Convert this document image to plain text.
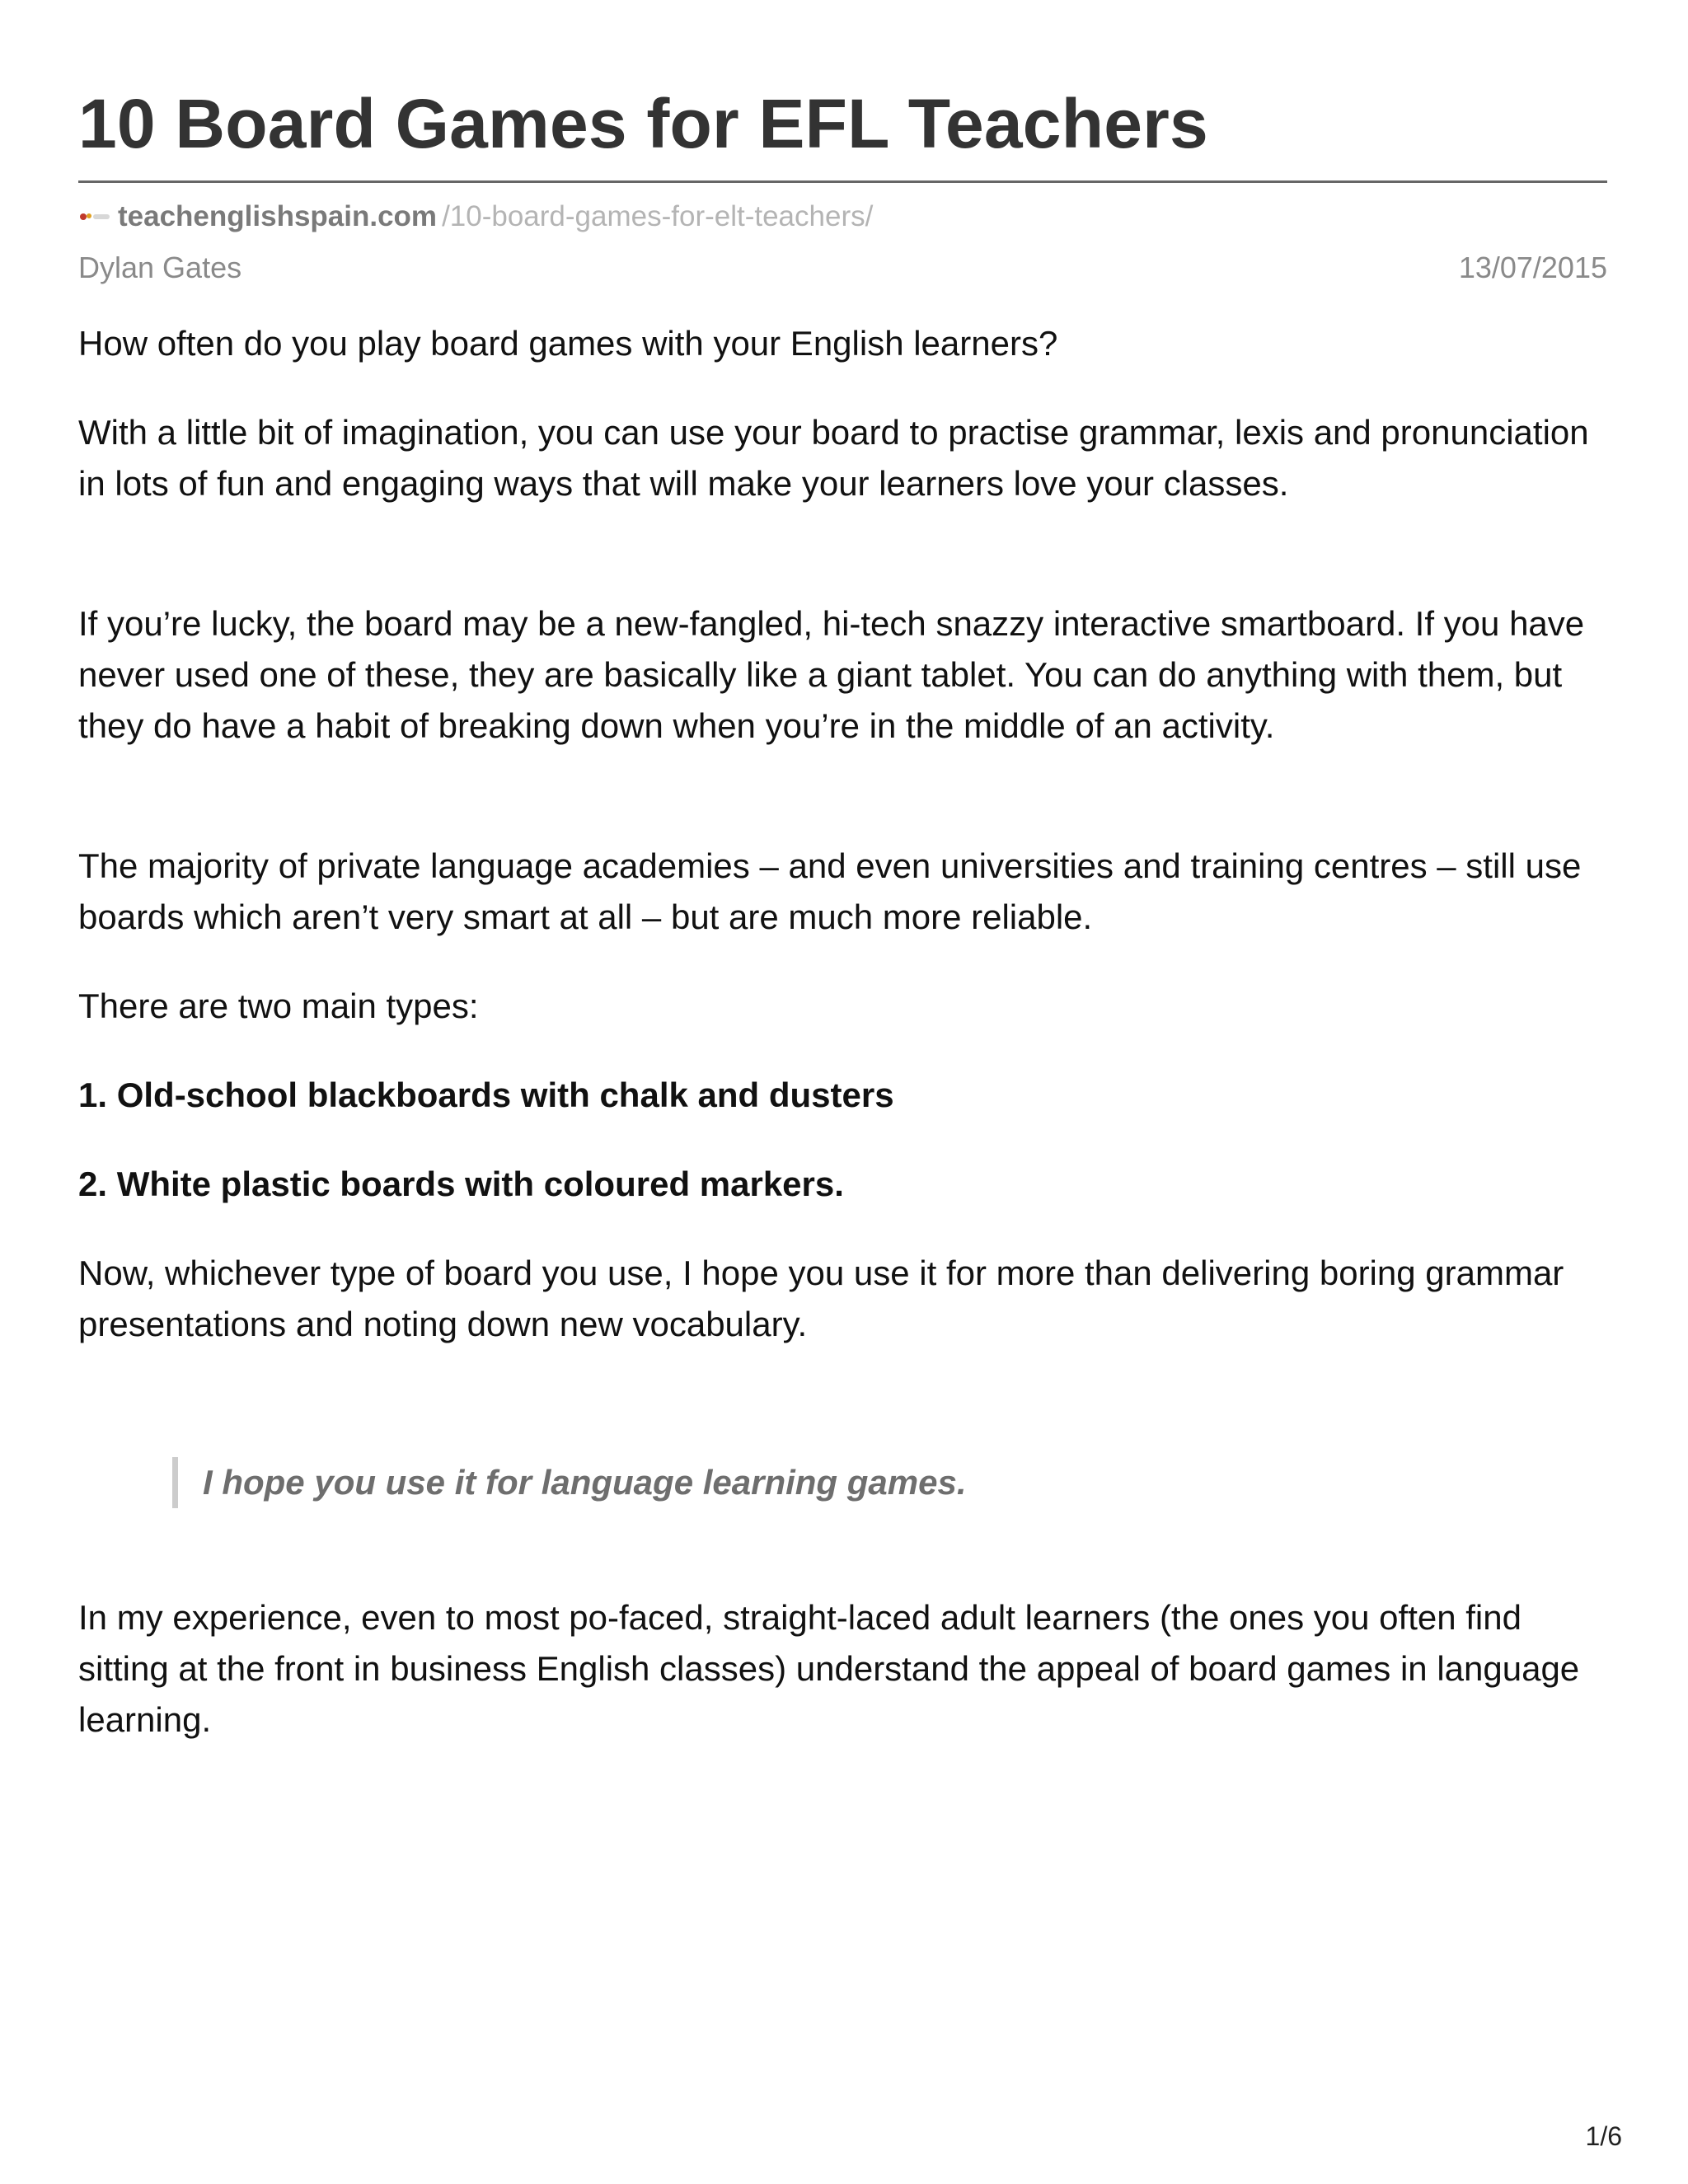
10 Board Games for EFL Teachers
teachenglishspain.com /10-board-games-for-elt-teachers/
Dylan Gates	13/07/2015

How often do you play board games with your English learners?

With a little bit of imagination, you can use your board to practise grammar, lexis and pronunciation in lots of fun and engaging ways that will make your learners love your classes.

If you’re lucky, the board may be a new-fangled, hi-tech snazzy interactive smartboard. If you have never used one of these, they are basically like a giant tablet. You can do anything with them, but they do have a habit of breaking down when you’re in the middle of an activity.

The majority of private language academies – and even universities and training centres – still use boards which aren’t very smart at all – but are much more reliable.

There are two main types:

1. Old-school blackboards with chalk and dusters

2. White plastic boards with coloured markers.

Now, whichever type of board you use, I hope you use it for more than delivering boring grammar presentations and noting down new vocabulary.

I hope you use it for language learning games.

In my experience, even to most po-faced, straight-laced adult learners (the ones you often find sitting at the front in business English classes) understand the appeal of board games in language learning.

1/6
